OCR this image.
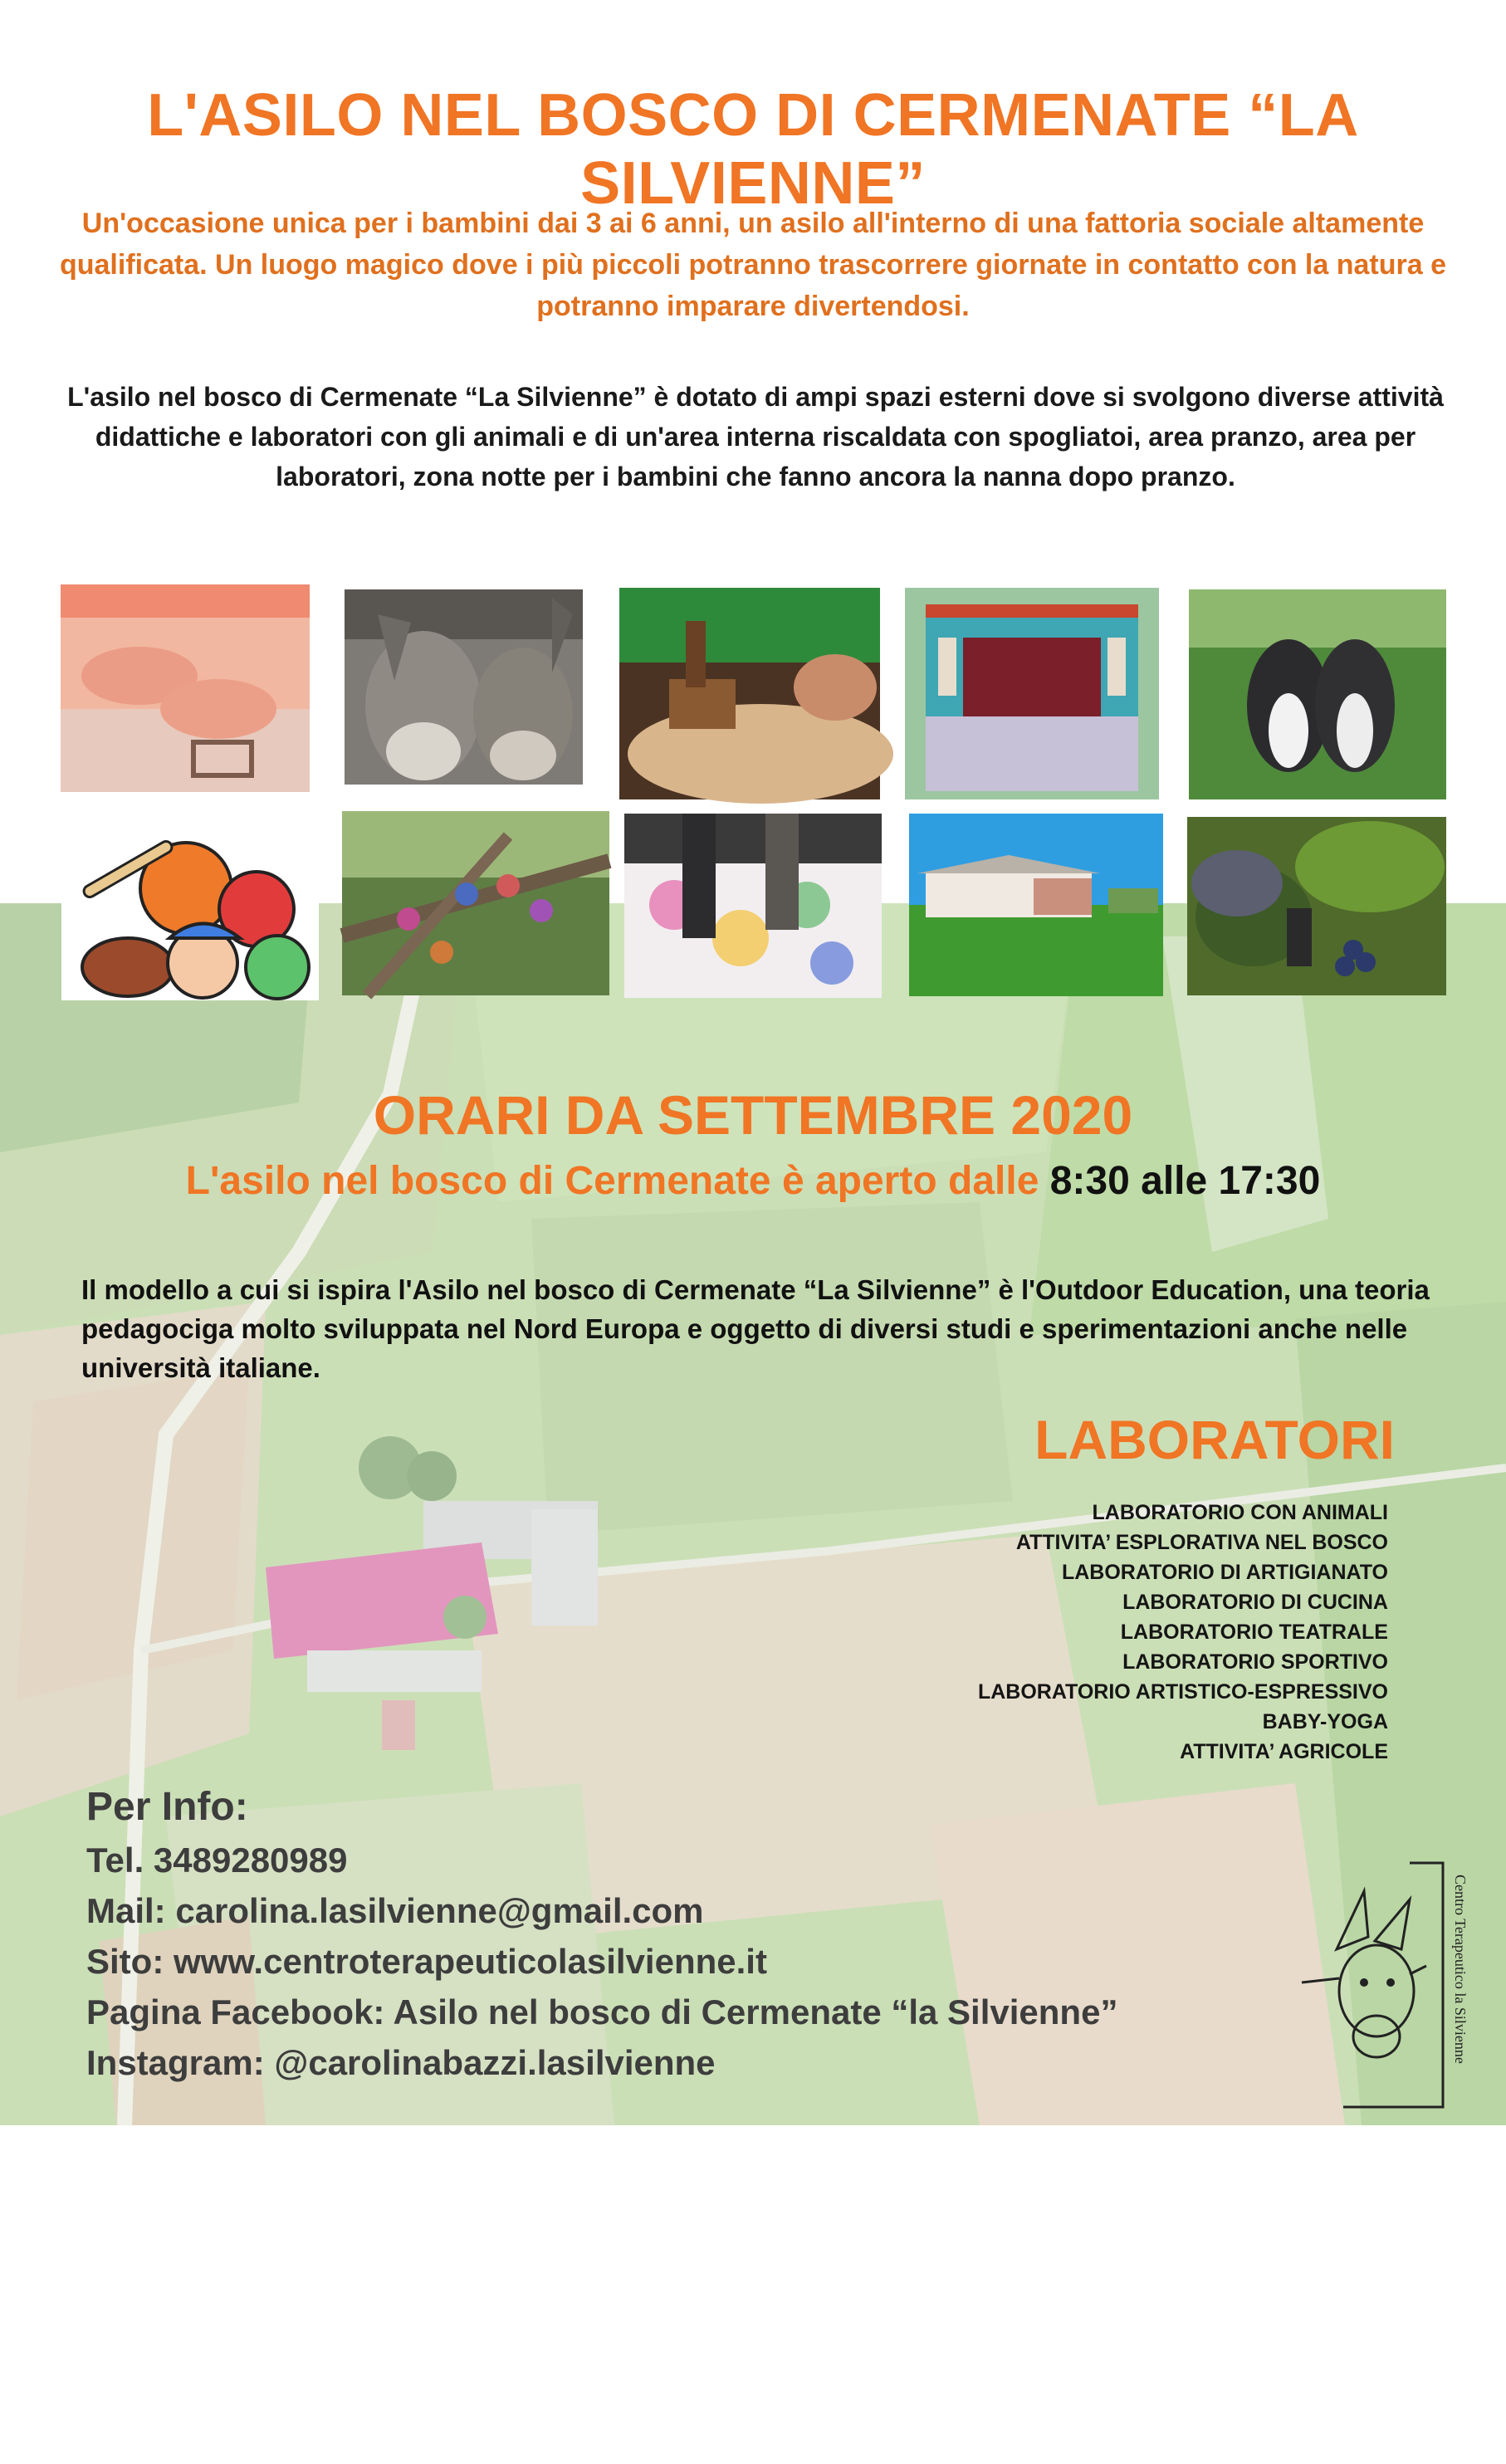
La Silvienne
L'ASILO NEL BOSCO DI CERMENATE “LA SILVIENNE”
Un'occasione unica per i bambini dai 3 ai 6 anni, un asilo all'interno di una fattoria sociale altamente qualificata. Un luogo magico dove i più piccoli potranno trascorrere giornate in contatto con la natura e potranno imparare divertendosi.
L'asilo nel bosco di Cermenate “La Silvienne” è dotato di ampi spazi esterni dove si svolgono diverse attività didattiche e laboratori con gli animali e di un'area interna riscaldata con spogliatoi, area pranzo, area per laboratori, zona notte per i bambini che fanno ancora la nanna dopo pranzo.
ORARI DA SETTEMBRE 2020
L'asilo nel bosco di Cermenate è aperto dalle 8:30 alle 17:30
Il modello a cui si ispira l'Asilo nel bosco di Cermenate “La Silvienne” è l'Outdoor Education, una teoria pedagociga molto sviluppata nel Nord Europa e oggetto di diversi studi e sperimentazioni anche nelle università italiane.
LABORATORI
LABORATORIO CON ANIMALI
ATTIVITA’ ESPLORATIVA NEL BOSCO
LABORATORIO DI ARTIGIANATO
LABORATORIO DI CUCINA
LABORATORIO TEATRALE
LABORATORIO SPORTIVO
LABORATORIO ARTISTICO-ESPRESSIVO
BABY-YOGA
ATTIVITA’ AGRICOLE
Per Info:
Tel. 3489280989
Mail: carolina.lasilvienne@gmail.com
Sito: www.centroterapeuticolasilvienne.it
Pagina Facebook: Asilo nel bosco di Cermenate “la Silvienne”
Instagram: @carolinabazzi.lasilvienne	Centro Terapeutico la Silvienne
